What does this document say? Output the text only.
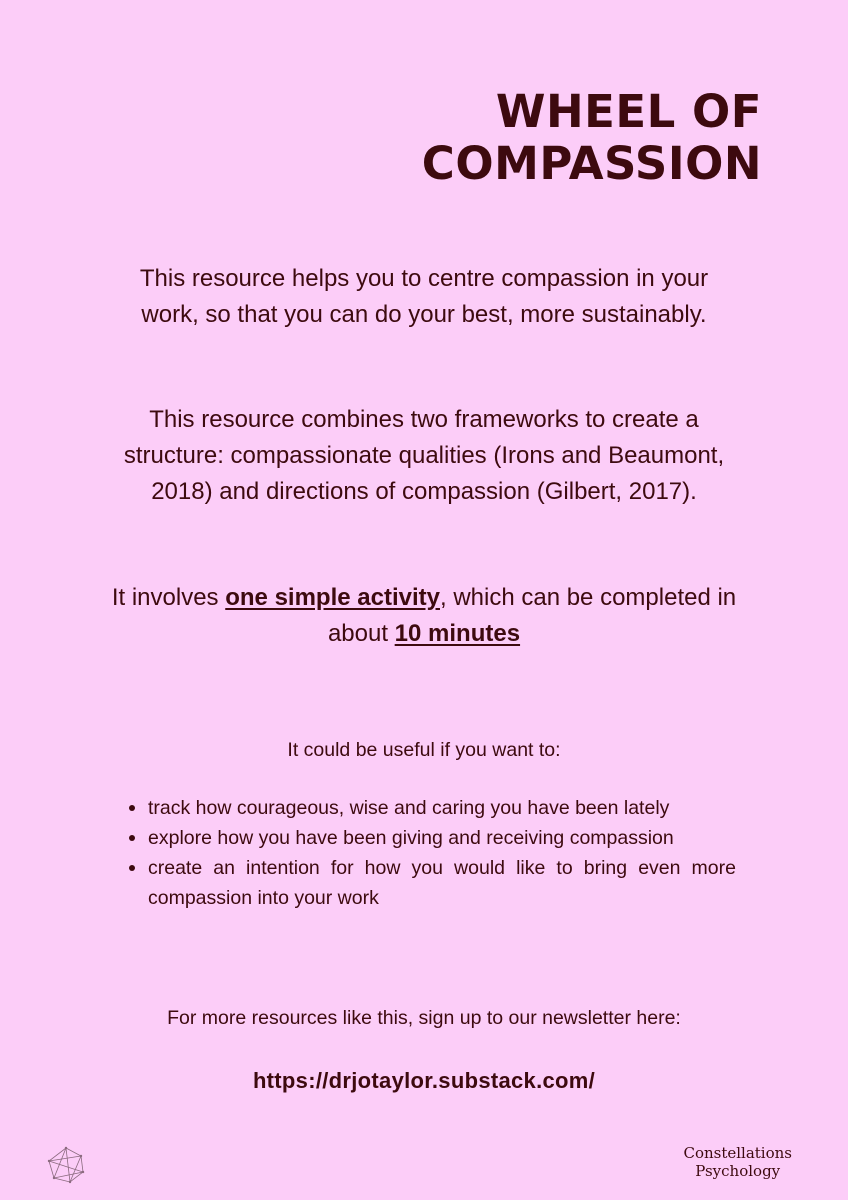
WHEEL OF
COMPASSION

This resource helps you to centre compassion in your work, so that you can do your best, more sustainably.

This resource combines two frameworks to create a structure: compassionate qualities (Irons and Beaumont, 2018) and directions of compassion (Gilbert, 2017).

It involves one simple activity, which can be completed in about 10 minutes

It could be useful if you want to:
track how courageous, wise and caring you have been lately
explore how you have been giving and receiving compassion
create an intention for how you would like to bring even more compassion into your work
For more resources like this, sign up to our newsletter here:
https://drjotaylor.substack.com/
Constellations
Psychology
